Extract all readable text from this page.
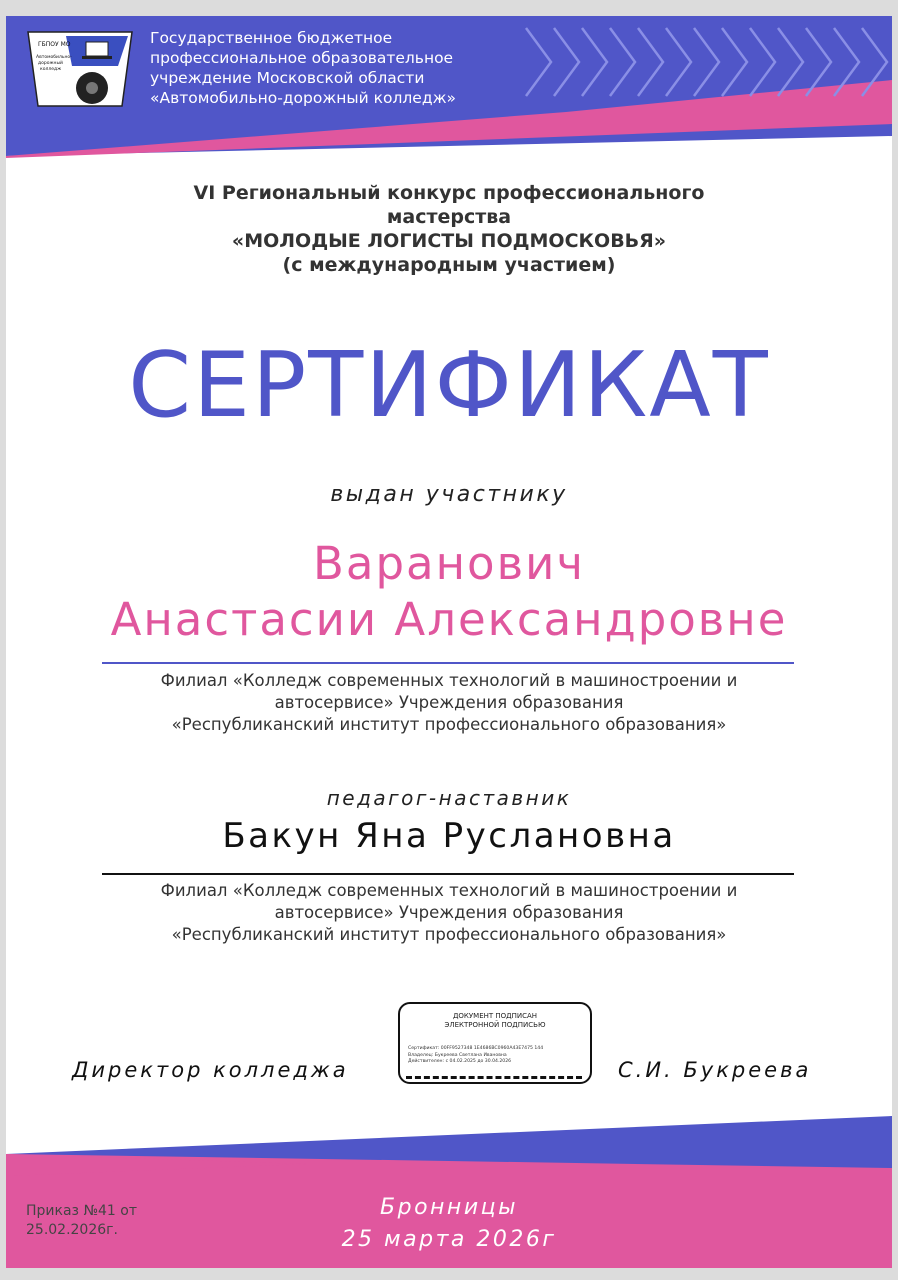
ГБПОУ МО
Автомобильно-
дорожный
колледж
Государственное бюджетное
профессиональное образовательное
учреждение Московской области
«Автомобильно-дорожный колледж»
VI Региональный конкурс профессионального
мастерства
«МОЛОДЫЕ ЛОГИСТЫ ПОДМОСКОВЬЯ»
(с международным участием)
СЕРТИФИКАТ
выдан участнику
Варанович
Анастасии Александровне
Филиал «Колледж современных технологий в машиностроении и
автосервисе» Учреждения образования
«Республиканский институт профессионального образования»
педагог-наставник
Бакун Яна Руслановна
Филиал «Колледж современных технологий в машиностроении и
автосервисе» Учреждения образования
«Республиканский институт профессионального образования»
Директор колледжа
ДОКУМЕНТ ПОДПИСАН
ЭЛЕКТРОННОЙ ПОДПИСЬЮ
Сертификат: 00FF9527348 1E4686BC0960A43E7475 144
Владелец: Букреева Светлана Ивановна
Действителен: с 04.02.2025 до 30.04.2026	С.И. Букреева
Приказ №41 от
25.02.2026г.
Бронницы
25 марта 2026г
